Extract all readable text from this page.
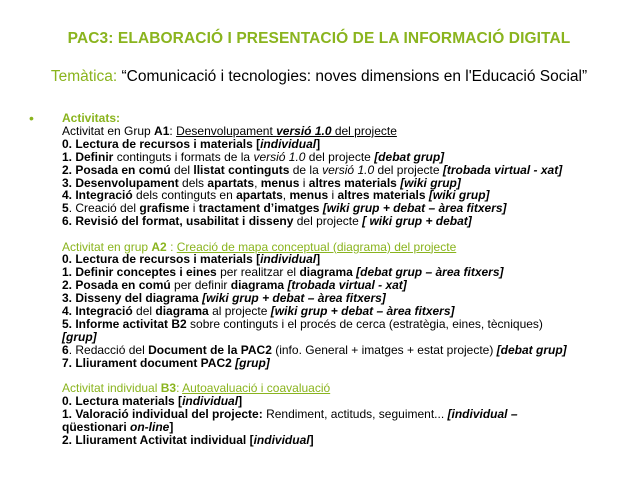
PAC3: ELABORACIÓ I PRESENTACIÓ DE LA INFORMACIÓ DIGITAL
Temàtica: “Comunicació i tecnologies: noves dimensions en l'Educació Social”
• Activitats:
Activitat en Grup A1: Desenvolupament versió 1.0 del projecte
0. Lectura de recursos i materials [individual]
1. Definir continguts i formats de la versió 1.0 del projecte [debat grup]
2. Posada en comú del llistat continguts de la versió 1.0 del projecte [trobada virtual - xat]
3. Desenvolupament dels apartats, menus i altres materials [wiki grup]
4. Integració dels continguts en apartats, menus i altres materials [wiki grup]
5. Creació del grafisme i tractament d’imatges [wiki grup + debat – àrea fitxers]
6. Revisió del format, usabilitat i disseny del projecte [ wiki grup + debat]
Activitat en grup A2 : Creació de mapa conceptual (diagrama) del projecte
0. Lectura de recursos i materials [individual]
1. Definir conceptes i eines per realitzar el diagrama [debat grup – àrea fitxers]
2. Posada en comú per definir diagrama [trobada virtual - xat]
3. Disseny del diagrama [wiki grup + debat – àrea fitxers]
4. Integració del diagrama al projecte [wiki grup + debat – àrea fitxers]
5. Informe activitat B2 sobre continguts i el procés de cerca (estratègia, eines, tècniques)
[grup]
6. Redacció del Document de la PAC2 (info. General + imatges + estat projecte) [debat grup]
7. Lliurament document PAC2 [grup]
Activitat individual B3: Autoavaluació i coavaluació
0. Lectura materials [individual]
1. Valoració individual del projecte: Rendiment, actituds, seguiment... [individual –
qüestionari on-line]
2. Lliurament Activitat individual [individual]
